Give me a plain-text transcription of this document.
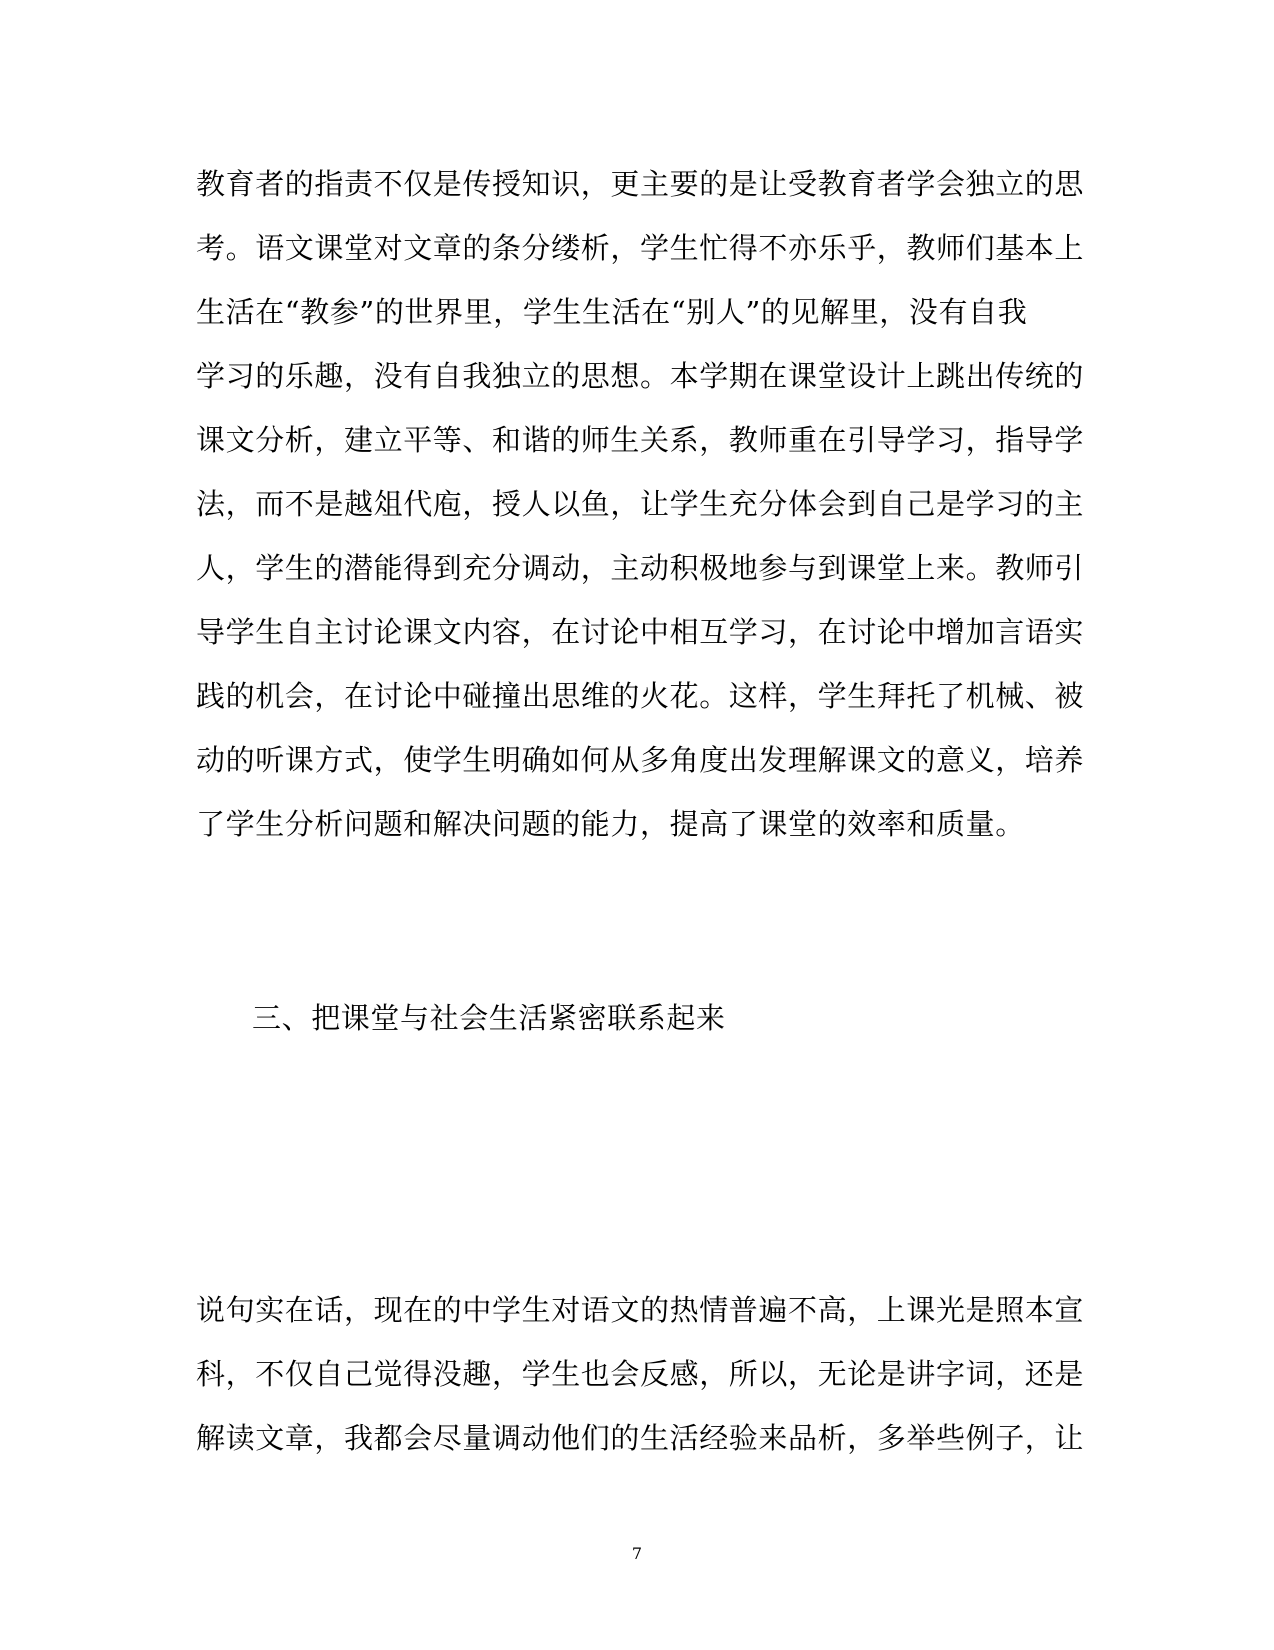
教育者的指责不仅是传授知识，更主要的是让受教育者学会独立的思
考。语文课堂对文章的条分缕析，学生忙得不亦乐乎，教师们基本上
生活在“教参”的世界里，学生生活在“别人”的见解里，没有自我
学习的乐趣，没有自我独立的思想。本学期在课堂设计上跳出传统的
课文分析，建立平等、和谐的师生关系，教师重在引导学习，指导学
法，而不是越俎代庖，授人以鱼，让学生充分体会到自己是学习的主
人，学生的潜能得到充分调动，主动积极地参与到课堂上来。教师引
导学生自主讨论课文内容，在讨论中相互学习，在讨论中增加言语实
践的机会，在讨论中碰撞出思维的火花。这样，学生拜托了机械、被
动的听课方式，使学生明确如何从多角度出发理解课文的意义，培养
了学生分析问题和解决问题的能力，提高了课堂的效率和质量。
三、把课堂与社会生活紧密联系起来
说句实在话，现在的中学生对语文的热情普遍不高，上课光是照本宣
科，不仅自己觉得没趣，学生也会反感，所以，无论是讲字词，还是
解读文章，我都会尽量调动他们的生活经验来品析，多举些例子，让
7
